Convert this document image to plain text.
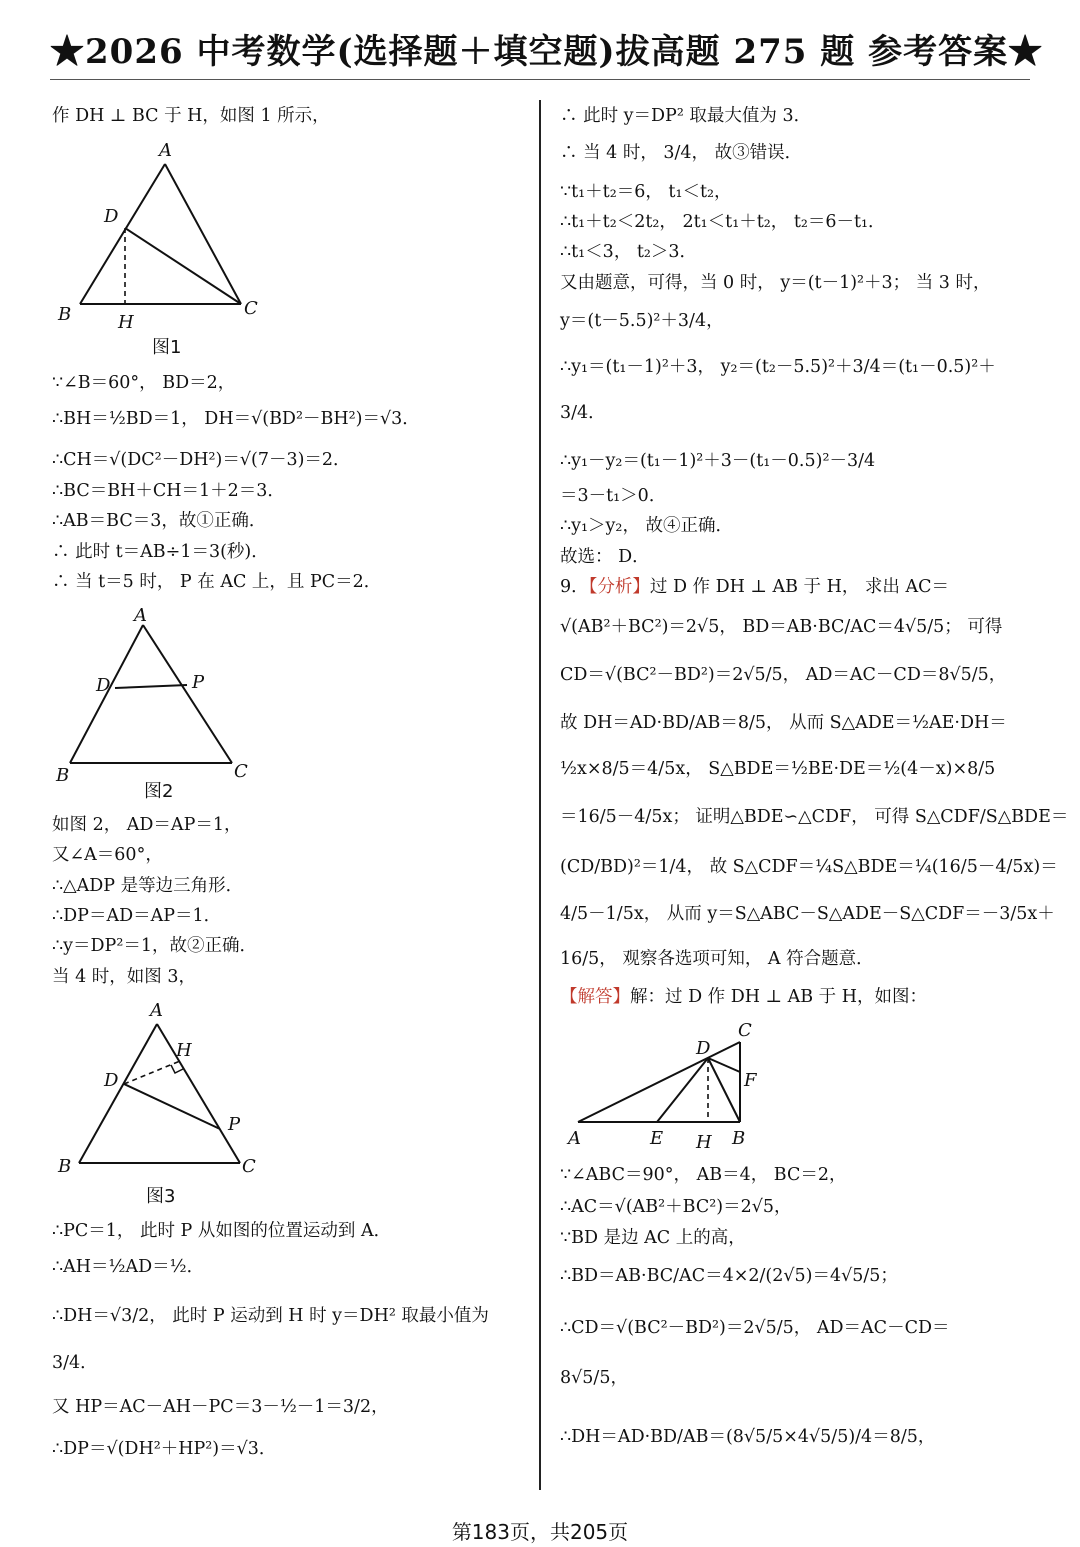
★2026 中考数学(选择题＋填空题)拔高题 275 题 参考答案★
作 DH ⊥ BC 于 H，如图 1 所示，
A
D
B	H
C
图1
∵∠B＝60°， BD＝2，
∴BH＝½BD＝1， DH＝√(BD²－BH²)＝√3．
∴CH＝√(DC²－DH²)＝√(7－3)＝2．
∴BC＝BH＋CH＝1＋2＝3．
∴AB＝BC＝3，故①正确．
∴ 此时 t＝AB÷1＝3(秒)．
∴ 当 t＝5 时， P 在 AC 上，且 PC＝2．
A
D	P
B	C
图2
如图 2， AD＝AP＝1，
又∠A＝60°，
∴△ADP 是等边三角形．
∴DP＝AD＝AP＝1．
∴y＝DP²＝1，故②正确．
当 4 时，如图 3，
A
H
D
P
B	C
图3
∴PC＝1， 此时 P 从如图的位置运动到 A．
∴AH＝½AD＝½．
∴DH＝√3/2， 此时 P 运动到 H 时 y＝DH² 取最小值为
3/4．
又 HP＝AC－AH－PC＝3－½－1＝3/2，
∴DP＝√(DH²＋HP²)＝√3．
∴ 此时 y＝DP² 取最大值为 3．
∴ 当 4 时， 3/4， 故③错误．
∵t₁＋t₂＝6， t₁＜t₂，
∴t₁＋t₂＜2t₂， 2t₁＜t₁＋t₂， t₂＝6－t₁．
∴t₁＜3， t₂＞3．
又由题意，可得，当 0 时， y＝(t－1)²＋3； 当 3 时，
y＝(t－5.5)²＋3/4，
∴y₁＝(t₁－1)²＋3， y₂＝(t₂－5.5)²＋3/4＝(t₁－0.5)²＋
3/4．
∴y₁－y₂＝(t₁－1)²＋3－(t₁－0.5)²－3/4
＝3－t₁＞0．
∴y₁＞y₂， 故④正确．
故选： D．
9．【分析】过 D 作 DH ⊥ AB 于 H， 求出 AC＝
√(AB²＋BC²)＝2√5， BD＝AB·BC/AC＝4√5/5； 可得
CD＝√(BC²－BD²)＝2√5/5， AD＝AC－CD＝8√5/5，
故 DH＝AD·BD/AB＝8/5， 从而 S△ADE＝½AE·DH＝
½x×8/5＝4/5x， S△BDE＝½BE·DE＝½(4－x)×8/5
＝16/5－4/5x； 证明△BDE∽△CDF， 可得 S△CDF/S△BDE＝
(CD/BD)²＝1/4， 故 S△CDF＝¼S△BDE＝¼(16/5－4/5x)＝
4/5－1/5x， 从而 y＝S△ABC－S△ADE－S△CDF＝－3/5x＋
16/5， 观察各选项可知， A 符合题意．
【解答】解：过 D 作 DH ⊥ AB 于 H，如图：
C
D
F
A	E H B
∵∠ABC＝90°， AB＝4， BC＝2，
∴AC＝√(AB²＋BC²)＝2√5，
∵BD 是边 AC 上的高，
∴BD＝AB·BC/AC＝4×2/(2√5)＝4√5/5；
∴CD＝√(BC²－BD²)＝2√5/5， AD＝AC－CD＝
8√5/5，
∴DH＝AD·BD/AB＝(8√5/5×4√5/5)/4＝8/5，
第183页，共205页
